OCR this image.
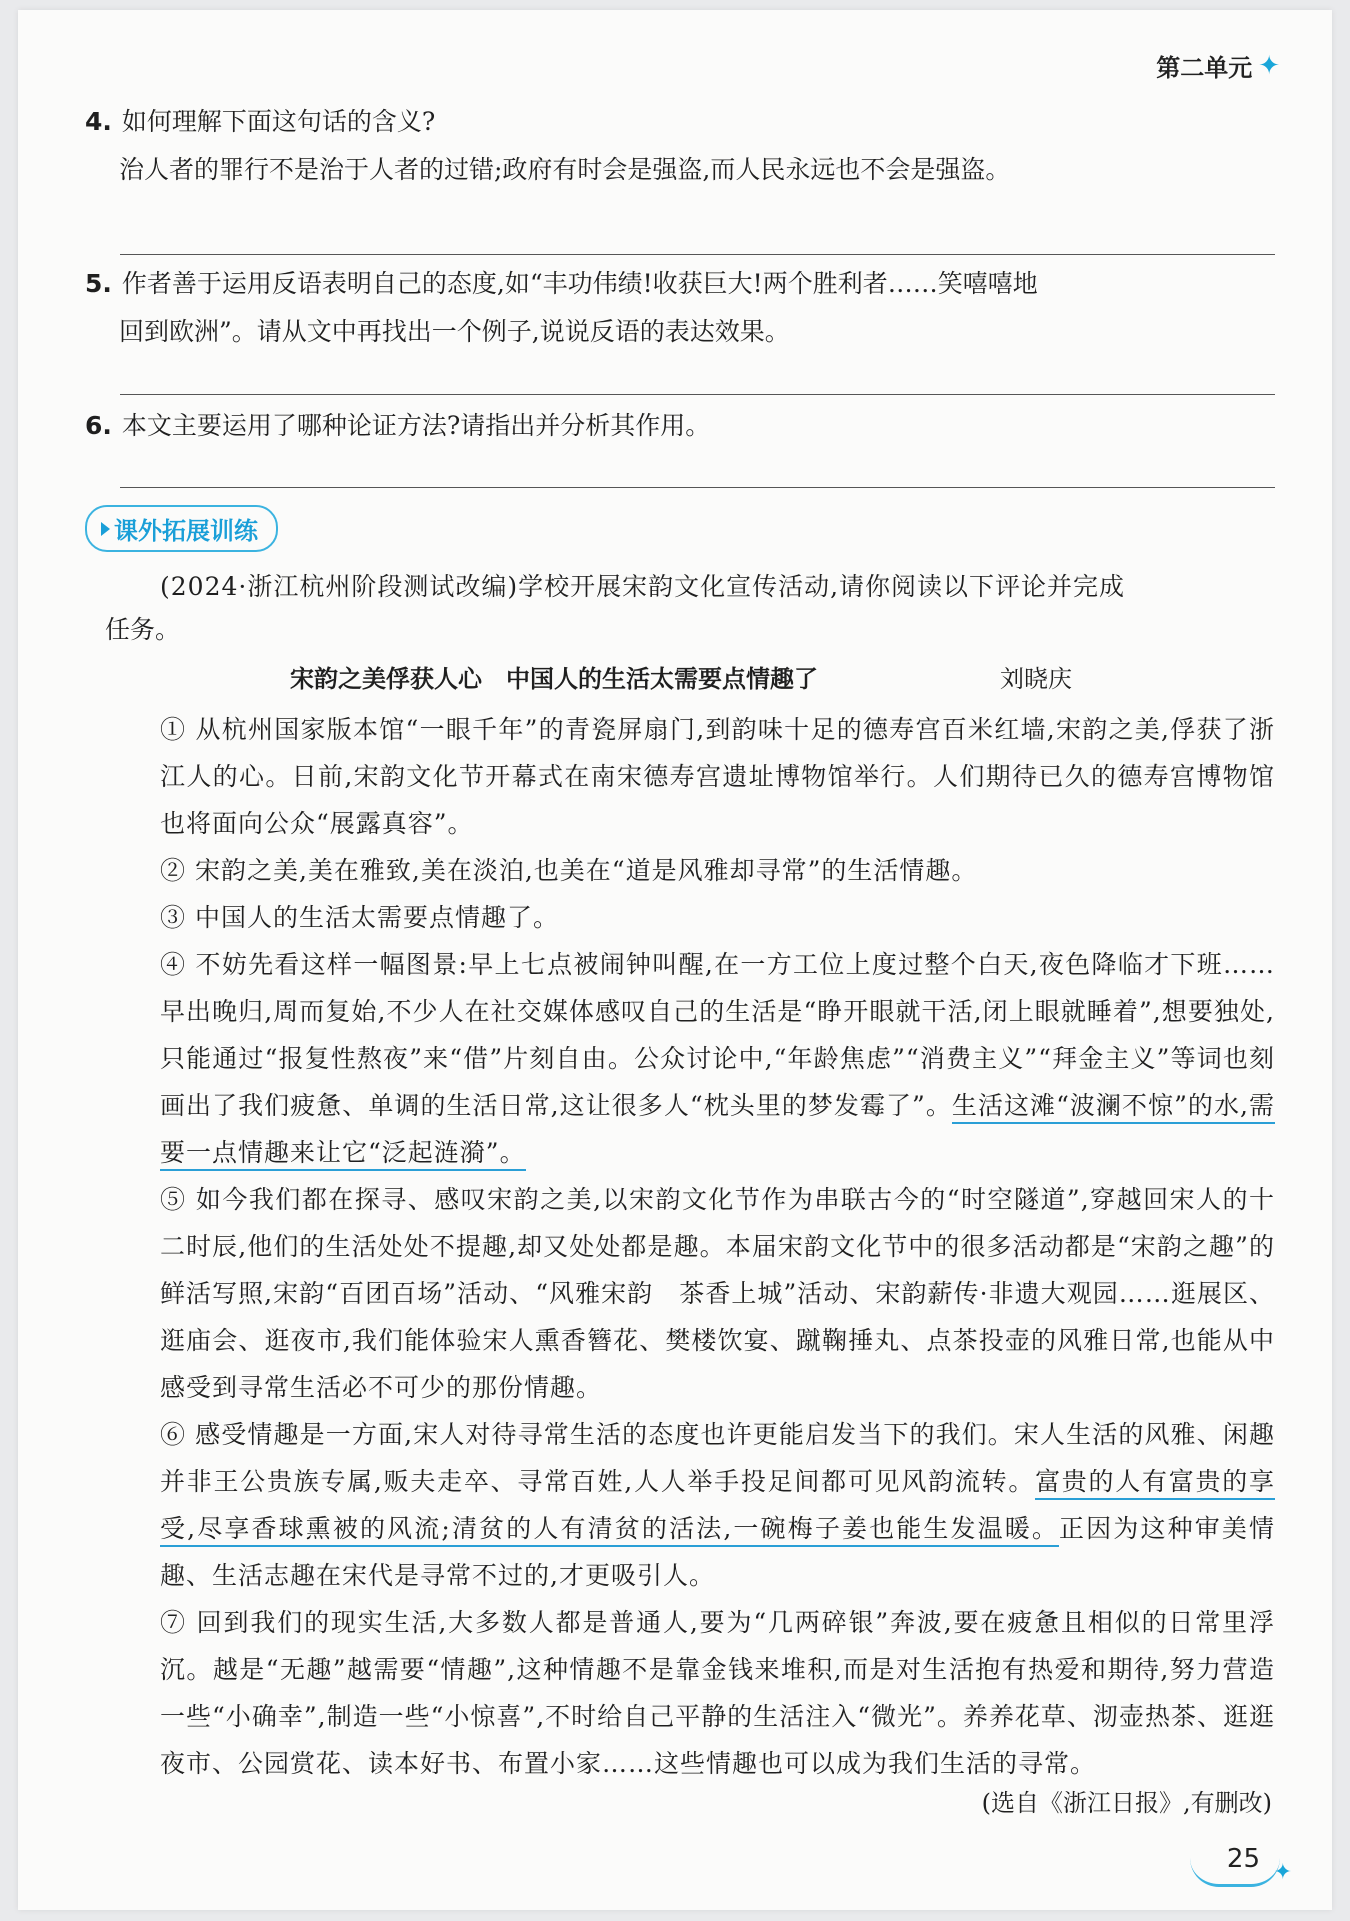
第二单元 ✦
4. 如何理解下面这句话的含义?
治人者的罪行不是治于人者的过错;政府有时会是强盗,而人民永远也不会是强盗。
5. 作者善于运用反语表明自己的态度,如“丰功伟绩!收获巨大!两个胜利者……笑嘻嘻地
回到欧洲”。请从文中再找出一个例子,说说反语的表达效果。
6. 本文主要运用了哪种论证方法?请指出并分析其作用。
课外拓展训练
(2024·浙江杭州阶段测试改编)学校开展宋韵文化宣传活动,请你阅读以下评论并完成
任务。
宋韵之美俘获人心　中国人的生活太需要点情趣了	刘晓庆
① 从杭州国家版本馆“一眼千年”的青瓷屏扇门,到韵味十足的德寿宫百米红墙,宋韵之美,俘获了浙江人的心。日前,宋韵文化节开幕式在南宋德寿宫遗址博物馆举行。人们期待已久的德寿宫博物馆也将面向公众“展露真容”。
② 宋韵之美,美在雅致,美在淡泊,也美在“道是风雅却寻常”的生活情趣。
③ 中国人的生活太需要点情趣了。
④ 不妨先看这样一幅图景:早上七点被闹钟叫醒,在一方工位上度过整个白天,夜色降临才下班……早出晚归,周而复始,不少人在社交媒体感叹自己的生活是“睁开眼就干活,闭上眼就睡着”,想要独处,只能通过“报复性熬夜”来“借”片刻自由。公众讨论中,“年龄焦虑”“消费主义”“拜金主义”等词也刻画出了我们疲惫、单调的生活日常,这让很多人“枕头里的梦发霉了”。生活这滩“波澜不惊”的水,需要一点情趣来让它“泛起涟漪”。
⑤ 如今我们都在探寻、感叹宋韵之美,以宋韵文化节作为串联古今的“时空隧道”,穿越回宋人的十二时辰,他们的生活处处不提趣,却又处处都是趣。本届宋韵文化节中的很多活动都是“宋韵之趣”的鲜活写照,宋韵“百团百场”活动、“风雅宋韵　茶香上城”活动、宋韵薪传·非遗大观园……逛展区、逛庙会、逛夜市,我们能体验宋人熏香簪花、樊楼饮宴、蹴鞠捶丸、点茶投壶的风雅日常,也能从中感受到寻常生活必不可少的那份情趣。
⑥ 感受情趣是一方面,宋人对待寻常生活的态度也许更能启发当下的我们。宋人生活的风雅、闲趣并非王公贵族专属,贩夫走卒、寻常百姓,人人举手投足间都可见风韵流转。富贵的人有富贵的享受,尽享香球熏被的风流;清贫的人有清贫的活法,一碗梅子姜也能生发温暖。正因为这种审美情趣、生活志趣在宋代是寻常不过的,才更吸引人。
⑦ 回到我们的现实生活,大多数人都是普通人,要为“几两碎银”奔波,要在疲惫且相似的日常里浮沉。越是“无趣”越需要“情趣”,这种情趣不是靠金钱来堆积,而是对生活抱有热爱和期待,努力营造一些“小确幸”,制造一些“小惊喜”,不时给自己平静的生活注入“微光”。养养花草、沏壶热茶、逛逛夜市、公园赏花、读本好书、布置小家……这些情趣也可以成为我们生活的寻常。
(选自《浙江日报》,有删改)
25 ✦
